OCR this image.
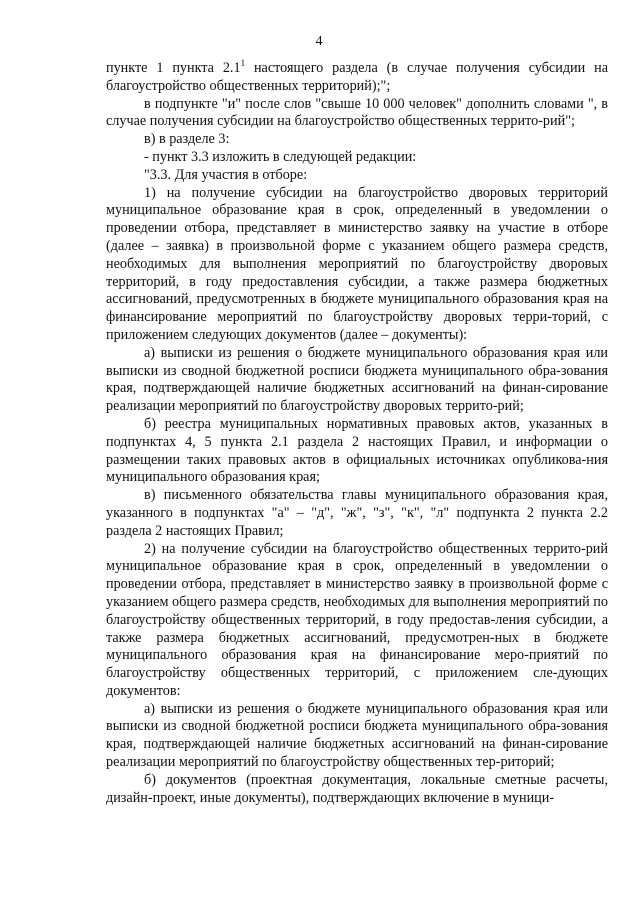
4

пункте 1 пункта $2.1^1$ настоящего раздела (в случае получения субсидии на благоустройство общественных территорий);";

в подпункте "и" после слов "свыше 10 000 человек" дополнить словами ", в случае получения субсидии на благоустройство общественных террито-рий";

в) в разделе 3:

- пункт 3.3 изложить в следующей редакции:

"3.3. Для участия в отборе:

1) на получение субсидии на благоустройство дворовых территорий муниципальное образование края в срок, определенный в уведомлении о проведении отбора, представляет в министерство заявку на участие в отборе (далее – заявка) в произвольной форме с указанием общего размера средств, необходимых для выполнения мероприятий по благоустройству дворовых территорий, в году предоставления субсидии, а также размера бюджетных ассигнований, предусмотренных в бюджете муниципального образования края на финансирование мероприятий по благоустройству дворовых терри-торий, с приложением следующих документов (далее – документы):

а) выписки из решения о бюджете муниципального образования края или выписки из сводной бюджетной росписи бюджета муниципального обра-зования края, подтверждающей наличие бюджетных ассигнований на финан-сирование реализации мероприятий по благоустройству дворовых террито-рий;

б) реестра муниципальных нормативных правовых актов, указанных в подпунктах 4, 5 пункта 2.1 раздела 2 настоящих Правил, и информации о размещении таких правовых актов в официальных источниках опубликова-ния муниципального образования края;

в) письменного обязательства главы муниципального образования края, указанного в подпунктах "а" – "д", "ж", "з", "к", "л" подпункта 2 пункта 2.2 раздела 2 настоящих Правил;

2) на получение субсидии на благоустройство общественных террито-рий муниципальное образование края в срок, определенный в уведомлении о проведении отбора, представляет в министерство заявку в произвольной форме с указанием общего размера средств, необходимых для выполнения мероприятий по благоустройству общественных территорий, в году предостав-ления субсидии, а также размера бюджетных ассигнований, предусмотрен-ных в бюджете муниципального образования края на финансирование меро-приятий по благоустройству общественных территорий, с приложением сле-дующих документов:

а) выписки из решения о бюджете муниципального образования края или выписки из сводной бюджетной росписи бюджета муниципального обра-зования края, подтверждающей наличие бюджетных ассигнований на финан-сирование реализации мероприятий по благоустройству общественных тер-риторий;

б) документов (проектная документация, локальные сметные расчеты, дизайн-проект, иные документы), подтверждающих включение в муници-
